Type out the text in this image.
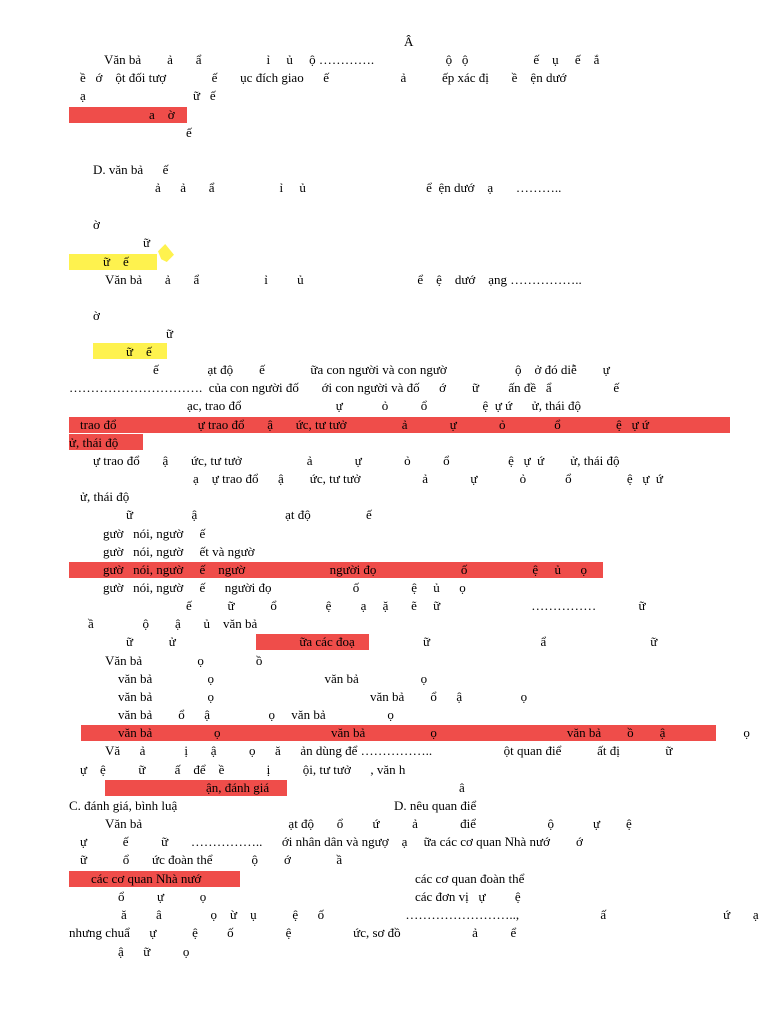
Â
Văn bả        ả       ẩ                    ỉ     ủ     ộ ………….                      ộ   ộ                    ế    ụ     ế    ắ
ề   ớ    ột đối tượ              ế       ục đích giao      ế                      ả           ếp xác đị       ề    ện dướ
ạ                                 ữ   ế
a    ờ
ế
D. văn bả      ế
ả      ả       ẩ                    ỉ     ủ                                     ể  ện dướ    ạ       ………..
ờ
ữ
ữ    ế
Văn bả       ả       ẩ                    ỉ         ủ                                   ể    ệ    dướ    ạng ……………..
ờ
ữ
ữ    ế
ế               ạt độ        ế              ữa con người và con ngườ                     ộ    ở đó diễ        ự
………………………….  của con người đố       ới con người và đố      ớ        ữ         ấn đề   ẩ                   ế
ạc, trao đổ                             ự            ỏ          ổ                 ệ  ự ứ      ử, thái độ
trao đổ                         ự trao đổ       ậ       ức, tư tưở                 ả             ự             ỏ               ổ                 ệ   ự ứ
ử, thái độ
ự trao đổ       ậ       ức, tư tưở                    ả             ự             ỏ          ổ                  ệ   ự  ứ        ử, thái độ
ạ    ự trao đổ      ậ        ức, tư tưở                   ả             ự             ỏ            ổ                 ệ   ự  ứ
ử, thái độ
ữ                  ậ                           ạt độ                 ế
gườ   nói, ngườ     ế
gườ   nói, ngườ     ết và ngườ
gườ   nói, ngườ     ế    ngườ                          người đọ                          ố                    ệ     ủ      ọ
gườ   nói, ngườ     ế      người đọ                         ố                ệ     ủ      ọ
ế           ữ           ổ               ệ         ạ     ặ       ẽ     ữ                            ……………             ữ
ầ               ộ        ậ       ủ    văn bả
ữ           ử                                      ữa các đoạ                     ữ                                  ẩ                                ữ
Văn bả                 ọ                ồ
văn bả                 ọ                                  văn bả                   ọ
văn bả                 ọ                                                văn bả        ổ      ậ                  ọ
văn bả        ổ      ậ                  ọ     văn bả                   ọ
văn bả                   ọ                                  văn bả                    ọ                                        văn bả        ồ        ậ                        ọ
Vă      ả            ị       ậ          ọ      ă      ản dùng để ……………..                      ột quan điể           ất đị              ữ
ự    ệ          ữ         ấ    để    ề             ị          ội, tư tưở      , văn h
ận, đánh giá	â
C. đánh giá, bình luậ	D. nêu quan điể
Văn bả                                             ạt độ       ổ         ứ          ả             điể                      ộ            ự        ệ
ự           ế          ữ       ……………..      ới nhân dân và ngượ    ạ     ữa các cơ quan Nhà nướ        ớ
ữ           ổ       ức đoàn thể            ộ        ớ              ầ
các cơ quan Nhà nướ	các cơ quan đoàn thể
ổ          ự           ọ	các đơn vị   ự         ệ
ă         â               ọ    ừ    ụ           ệ      ố                         ……………………..,                         ấ                                    ứ       ạ
nhưng chuẩ      ự           ệ         ố                ệ                   ức, sơ đồ                      ả          ể
ậ      ữ          ọ
